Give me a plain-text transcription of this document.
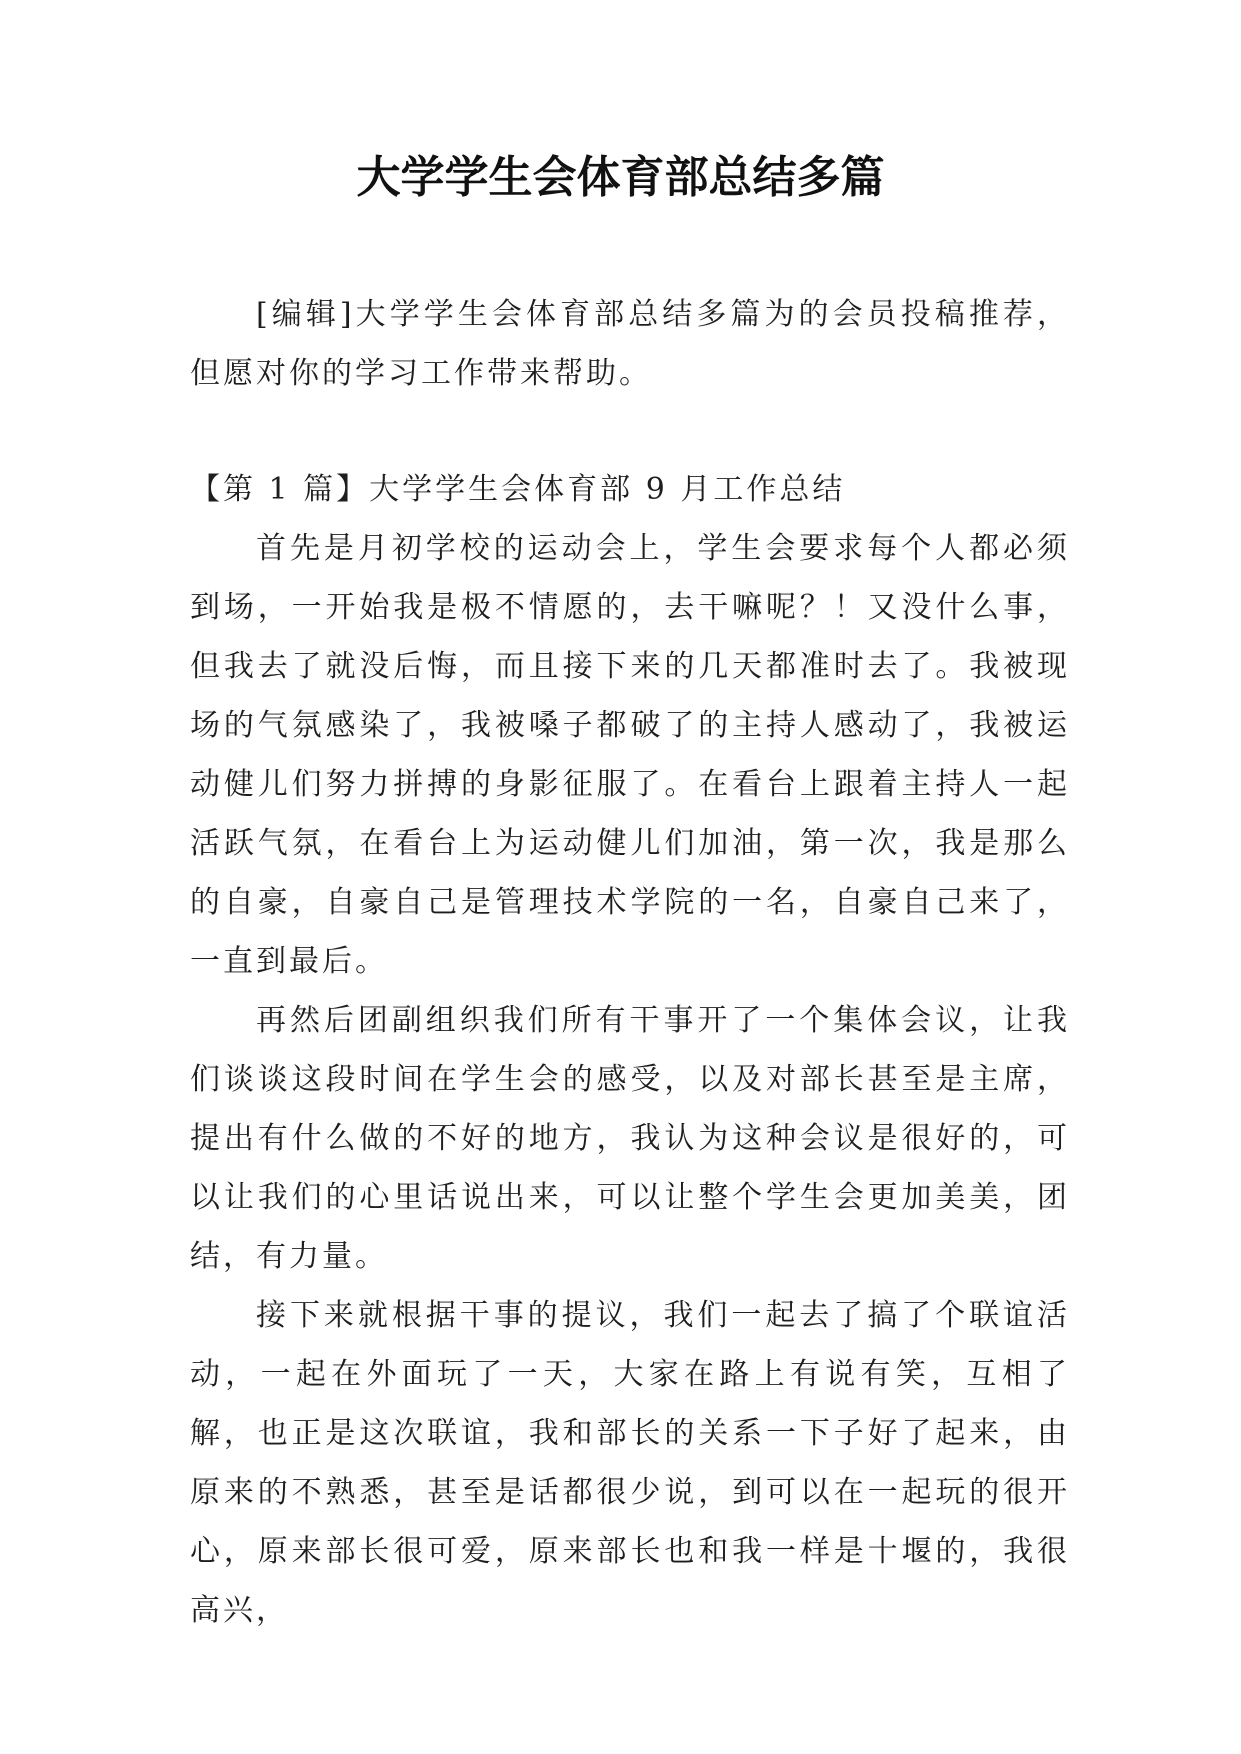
大学学生会体育部总结多篇

[编辑]大学学生会体育部总结多篇为的会员投稿推荐，但愿对你的学习工作带来帮助。

【第 1 篇】大学学生会体育部 9 月工作总结

首先是月初学校的运动会上，学生会要求每个人都必须到场，一开始我是极不情愿的，去干嘛呢？！又没什么事，但我去了就没后悔，而且接下来的几天都准时去了。我被现场的气氛感染了，我被嗓子都破了的主持人感动了，我被运动健儿们努力拼搏的身影征服了。在看台上跟着主持人一起活跃气氛，在看台上为运动健儿们加油，第一次，我是那么的自豪，自豪自己是管理技术学院的一名，自豪自己来了，一直到最后。

再然后团副组织我们所有干事开了一个集体会议，让我们谈谈这段时间在学生会的感受，以及对部长甚至是主席，提出有什么做的不好的地方，我认为这种会议是很好的，可以让我们的心里话说出来，可以让整个学生会更加美美，团结，有力量。

接下来就根据干事的提议，我们一起去了搞了个联谊活动，一起在外面玩了一天，大家在路上有说有笑，互相了解，也正是这次联谊，我和部长的关系一下子好了起来，由原来的不熟悉，甚至是话都很少说，到可以在一起玩的很开心，原来部长很可爱，原来部长也和我一样是十堰的，我很高兴，
